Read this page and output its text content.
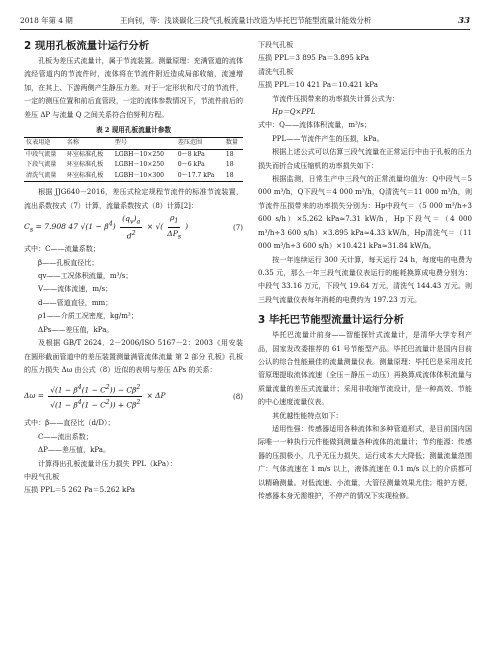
2018 年第 4 期	王向钊，等：浅谈碳化三段气孔板流量计改造为毕托巴节能型流量计能效分析	33
2 现用孔板流量计运行分析
孔板为差压式流量计，属于节流装置。测量原理：充满管道的流体流经管道内的节流件时，流体将在节流件附近造成局部收缩，流速增加，在其上、下游两侧产生静压力差。对于一定形状和尺寸的节流件，一定的测压位置和前后直管段，一定的流体参数情况下，节流件前后的差压 ΔP 与流量 Q 之间关系符合伯努利方程。
表 2 现用孔板流量计参数
仪表用途	名称	型号	差压范围	数量
中段气流量	环室标准孔板	LGBH－10×250	0～8 kPa	18
下段气流量	环室标准孔板	LGBH－10×250	0～6 kPa	18
清洗气流量	环室标准孔板	LGBH－10×300	0～17.7 kPa	18
根据 JJG640－2016，差压式检定规程节流件的标准节流装置，流出系数按式（7）计算，流量系数按式（8）计算[2]：
$C_s = 7.908$ 47 $√(1 - \beta^4) \frac{(q_v)_a}{d^2}$ × √( $\frac{\rho_1}{\Delta P_s}$ )	(7)
式中：C——流量系数；
β——孔板直径比；
qv——工况体积流量，m³/s；
V——流体流速，m/s；
d——管道直径，mm；
ρ1——介质工况密度，kg/m³；
ΔPs——差压值，kPa。
及根据 GB/T 2624．2－2006/ISO 5167－2：2003《用安装在圆形截面管道中的差压装置测量满管流体流量 第 2 部分 孔板》孔板的压力损失 Δω 由公式（8）近似的表明与差压 ΔPs 的关系：
$\Delta\omega = \frac{√(1 - \beta^4(1 - C^2)) - C\beta^2}{√(1 - \beta^4(1 - C^2)) + C\beta^2} \times \Delta P$	(8)
式中：β——直径比（d/D）；
C——流出系数；
ΔP——差压值，kPa。
计算得出孔板流量计压力损失 PPL（kPa）：
中段气孔板
压损 PPL＝5 262 Pa＝5.262 kPa
下段气孔板
压损 PPL＝3 895 Pa＝3.895 kPa
清洗气孔板
压损 PPL＝10 421 Pa＝10.421 kPa
节流件压损带来的功率损失计算公式为：
Hp＝Q×PPL
式中：Q——流体体积流量，m³/s；
PPL——节流件产生的压损，kPa。
根据上述公式可以估算三段气流量在正常运行中由于孔板的压力损失而折合成压缩机的功率损失如下：
根据监测，日常生产中三段气的正常流量均值为：Q中段气＝5 000 m³/h，Q下段气＝4 000 m³/h，Q清洗气＝11 000 m³/h，则节流件压损带来的功率损失分别为：Hp中段气＝（5 000 m³/h÷3 600 s/h）×5.262 kPa≈7.31 kW/h，Hp下段气＝（4 000 m³/h÷3 600 s/h）×3.895 kPa≈4.33 kW/h，Hp清洗气＝（11 000 m³/h÷3 600 s/h）×10.421 kPa≈31.84 kW/h。
按一年连续运行 300 天计算，每天运行 24 h，每度电的电费为 0.35 元，那么一年三段气流量仪表运行的能耗换算成电费分别为：中段气 33.16 万元，下段气 19.64 万元，清洗气 144.43 万元。则三段气流量仪表每年消耗的电费约为 197.23 万元。
3 毕托巴节能型流量计运行分析
毕托巴流量计前身——智能探针式流量计，是清华大学专利产品，国家发改委推荐的 61 号节能型产品。毕托巴流量计是国内目前公认的综合性能最佳的流量测量仪表。测量原理：毕托巴是采用皮托管原理提取流体流速（全压－静压－动压）再换算成流体体积流量与质量流量的差压式流量计；采用非收缩节流设计，是一种高效、节能的中心速度流量仪表。
其优越性能特点如下：
适用性强：传感器适用各种流体和多种管道形式，是目前国内国际唯一一种执行元件能做到测量各种流体的流量计；节约能源：传感器的压损极小，几乎无压力损失，运行成本大大降低；测量流量范围广：气体流速在 1 m/s 以上，液体流速在 0.1 m/s 以上的介质都可以精确测量。对低流速、小流量，大管径测量效果尤佳；维护方便，传感器本身无需维护，不停产的情况下实现检修。
